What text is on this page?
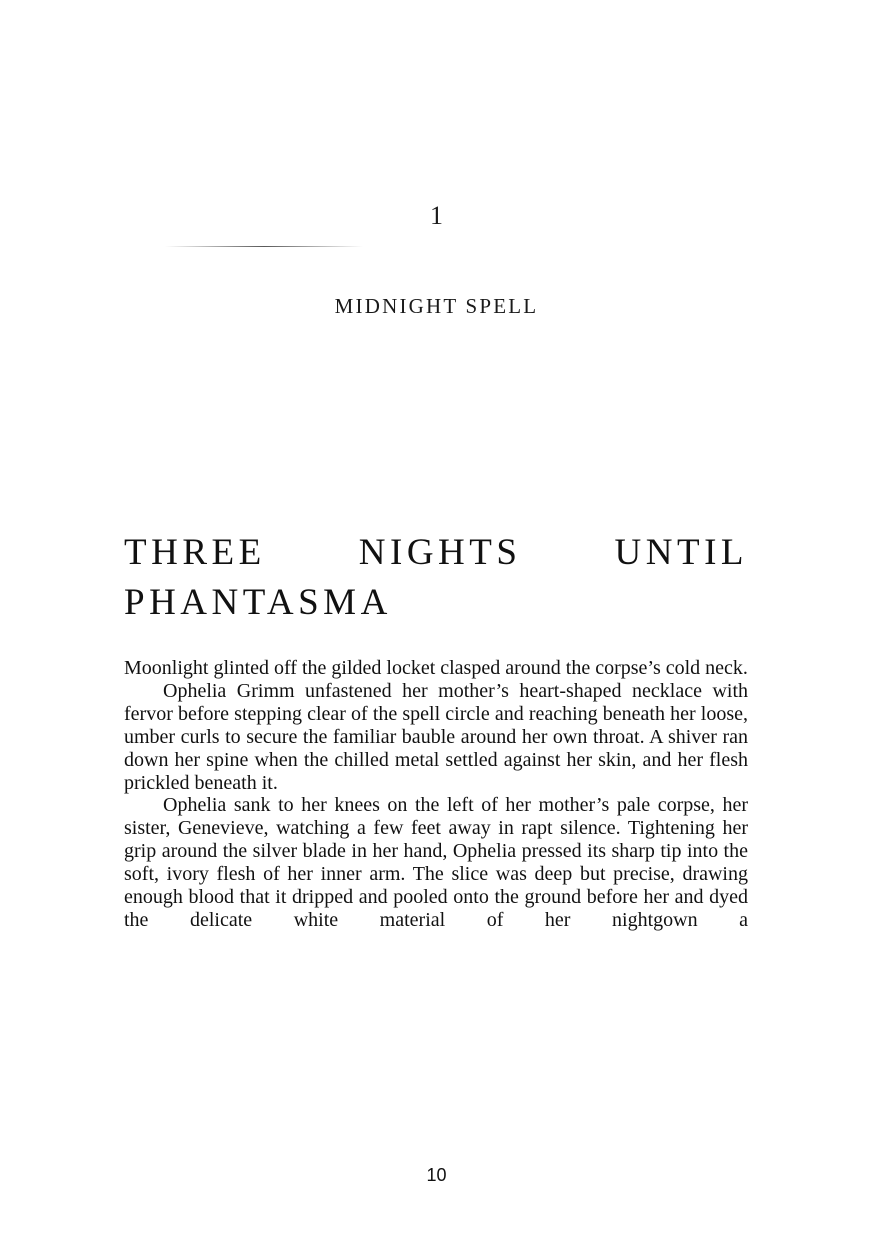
1
MIDNIGHT SPELL
THREE	NIGHTS	UNTIL
PHANTASMA

Moonlight glinted off the gilded locket clasped around the corpse’s cold neck.

Ophelia Grimm unfastened her mother’s heart-shaped necklace with fervor before stepping clear of the spell circle and reaching beneath her loose, umber curls to secure the familiar bauble around her own throat. A shiver ran down her spine when the chilled metal settled against her skin, and her flesh prickled beneath it.

Ophelia sank to her knees on the left of her mother’s pale corpse, her sister, Genevieve, watching a few feet away in rapt silence. Tightening her grip around the silver blade in her hand, Ophelia pressed its sharp tip into the soft, ivory flesh of her inner arm. The slice was deep but precise, drawing enough blood that it dripped and pooled onto the ground before her and dyed the delicate white material of her nightgown a

10
